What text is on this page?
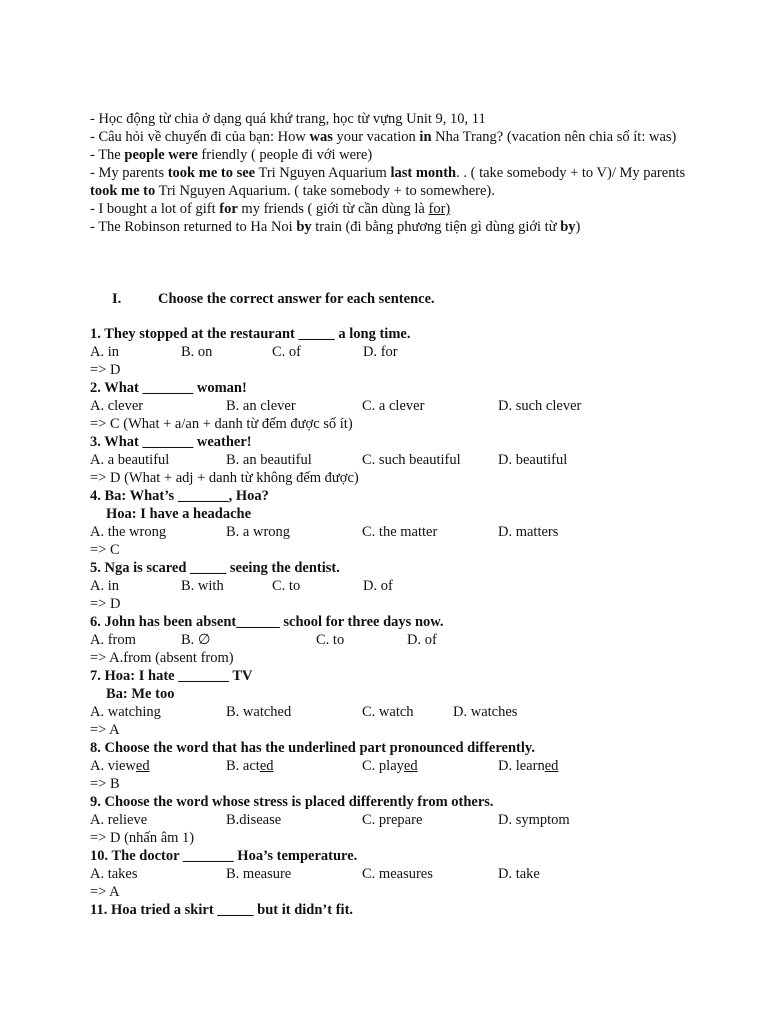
- Học động từ chia ở dạng quá khứ trang, học từ vựng Unit 9, 10, 11
- Câu hỏi về chuyến đi của bạn: How was your vacation in Nha Trang? (vacation nên chia số ít: was)
- The people were friendly ( people đi với were)
- My parents took me to see Tri Nguyen Aquarium last month. . ( take somebody + to V)/ My parents took me to Tri Nguyen Aquarium. ( take somebody + to somewhere).
- I bought a lot of gift for my friends ( giới từ cần dùng là for)
- The Robinson returned to Ha Noi by train (đi bằng phương tiện gì dùng giới từ by)
I.	Choose the correct answer for each sentence.
1. They stopped at the restaurant _____ a long time.
A. in	B. on	C. of	D. for
=> D
2. What _______ woman!
A. clever	B. an clever	C. a clever	D. such clever
=> C (What + a/an + danh từ đếm được số ít)
3. What _______ weather!
A. a beautiful	B. an beautiful	C. such beautiful	D. beautiful
=> D (What + adj + danh từ không đếm được)
4. Ba: What’s _______, Hoa?
Hoa: I have a headache
A. the wrong	B. a wrong	C. the matter	D. matters
=> C
5. Nga is scared _____ seeing the dentist.
A. in	B. with	C. to	D. of
=> D
6. John has been absent______ school for three days now.
A. from	B. ∅	C. to	D. of
=> A.from (absent from)
7. Hoa: I hate _______ TV
Ba: Me too
A. watching	B. watched	C. watch	D. watches
=> A
8. Choose the word that has the underlined part pronounced differently.
A. viewed	B. acted	C. played	D. learned
=> B
9. Choose the word whose stress is placed differently from others.
A. relieve	B.disease	C. prepare	D. symptom
=> D (nhấn âm 1)
10. The doctor _______ Hoa’s temperature.
A. takes	B. measure	C. measures	D. take
=> A
11. Hoa tried a skirt _____ but it didn’t fit.
